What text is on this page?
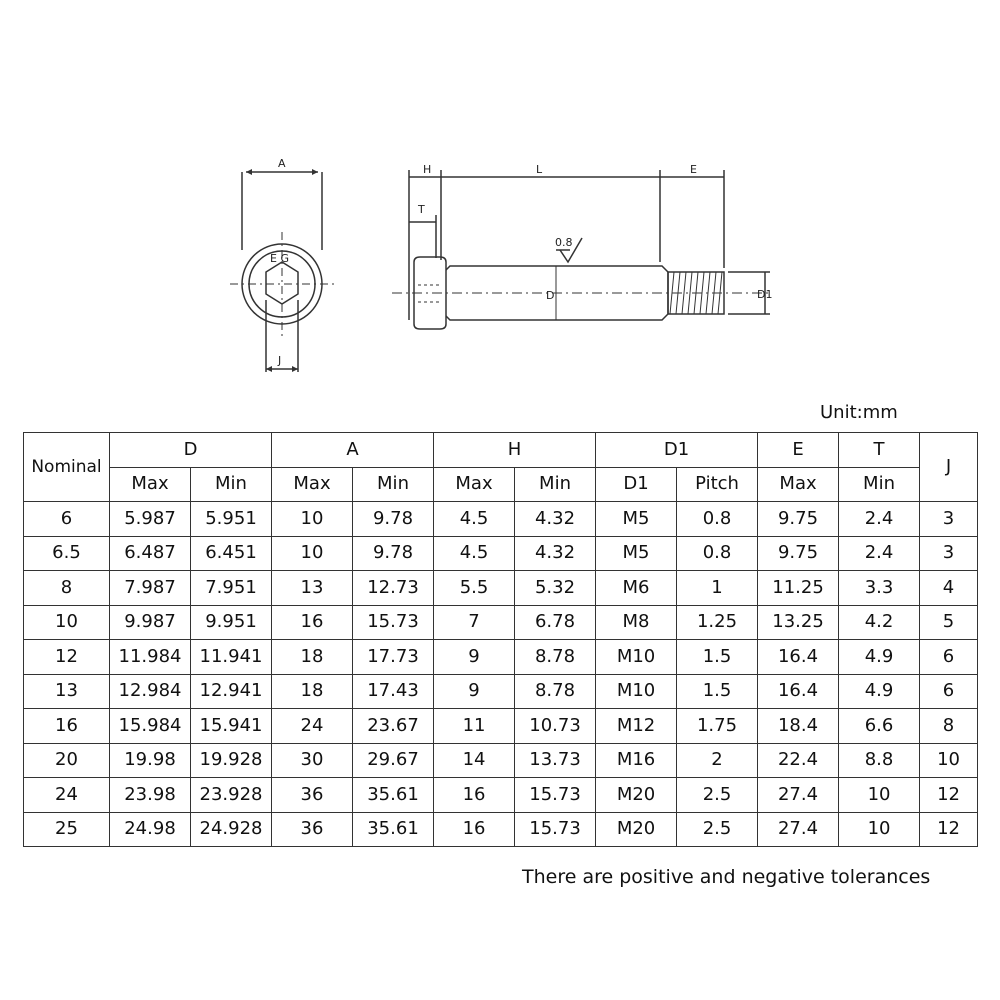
A
E G
J
H	L	E
T
0.8
D	D1
Unit:mm
Nominal	D		A		H		D1		E	T	J
	Max	Min	Max	Min	Max	Min	D1	Pitch	Max	Min	
6	5.987	5.951	10	9.78	4.5	4.32	M5	0.8	9.75	2.4	3
6.5	6.487	6.451	10	9.78	4.5	4.32	M5	0.8	9.75	2.4	3
8	7.987	7.951	13	12.73	5.5	5.32	M6	1	11.25	3.3	4
10	9.987	9.951	16	15.73	7	6.78	M8	1.25	13.25	4.2	5
12	11.984	11.941	18	17.73	9	8.78	M10	1.5	16.4	4.9	6
13	12.984	12.941	18	17.43	9	8.78	M10	1.5	16.4	4.9	6
16	15.984	15.941	24	23.67	11	10.73	M12	1.75	18.4	6.6	8
20	19.98	19.928	30	29.67	14	13.73	M16	2	22.4	8.8	10
24	23.98	23.928	36	35.61	16	15.73	M20	2.5	27.4	10	12
25	24.98	24.928	36	35.61	16	15.73	M20	2.5	27.4	10	12
There are positive and negative tolerances
